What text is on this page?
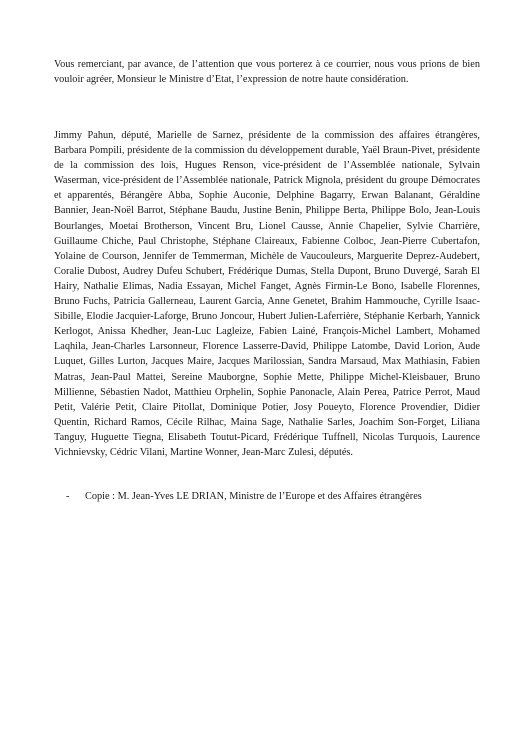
Vous remerciant, par avance, de l’attention que vous porterez à ce courrier, nous vous prions de bien vouloir agréer, Monsieur le Ministre d’Etat, l’expression de notre haute considération.

Jimmy Pahun, député, Marielle de Sarnez, présidente de la commission des affaires étrangères, Barbara Pompili, présidente de la commission du développement durable, Yaël Braun-Pivet, présidente de la commission des lois, Hugues Renson, vice-président de l’Assemblée nationale, Sylvain Waserman, vice-président de l’Assemblée nationale, Patrick Mignola, président du groupe Démocrates et apparentés, Bérangère Abba, Sophie Auconie, Delphine Bagarry, Erwan Balanant, Géraldine Bannier, Jean-Noël Barrot, Stéphane Baudu, Justine Benin, Philippe Berta, Philippe Bolo, Jean-Louis Bourlanges, Moetai Brotherson, Vincent Bru, Lionel Causse, Annie Chapelier, Sylvie Charrière, Guillaume Chiche, Paul Christophe, Stéphane Claireaux, Fabienne Colboc, Jean-Pierre Cubertafon, Yolaine de Courson, Jennifer de Temmerman, Michèle de Vaucouleurs, Marguerite Deprez-Audebert, Coralie Dubost, Audrey Dufeu Schubert, Frédérique Dumas, Stella Dupont, Bruno Duvergé, Sarah El Hairy, Nathalie Elimas, Nadia Essayan, Michel Fanget, Agnès Firmin-Le Bono, Isabelle Florennes, Bruno Fuchs, Patricia Gallerneau, Laurent Garcia, Anne Genetet, Brahim Hammouche, Cyrille Isaac-Sibille, Elodie Jacquier-Laforge, Bruno Joncour, Hubert Julien-Laferrière, Stéphanie Kerbarh, Yannick Kerlogot, Anissa Khedher, Jean-Luc Lagleize, Fabien Lainé, François-Michel Lambert, Mohamed Laqhila, Jean-Charles Larsonneur, Florence Lasserre-David, Philippe Latombe, David Lorion, Aude Luquet, Gilles Lurton, Jacques Maire, Jacques Marilossian, Sandra Marsaud, Max Mathiasin, Fabien Matras, Jean-Paul Mattei, Sereine Mauborgne, Sophie Mette, Philippe Michel-Kleisbauer, Bruno Millienne, Sébastien Nadot, Matthieu Orphelin, Sophie Panonacle, Alain Perea, Patrice Perrot, Maud Petit, Valérie Petit, Claire Pitollat, Dominique Potier, Josy Poueyto, Florence Provendier, Didier Quentin, Richard Ramos, Cécile Rilhac, Maina Sage, Nathalie Sarles, Joachim Son-Forget, Liliana Tanguy, Huguette Tiegna, Elisabeth Toutut-Picard, Frédérique Tuffnell, Nicolas Turquois, Laurence Vichnievsky, Cédric Vilani, Martine Wonner, Jean-Marc Zulesi, députés.

- Copie : M. Jean-Yves LE DRIAN, Ministre de l’Europe et des Affaires étrangères
